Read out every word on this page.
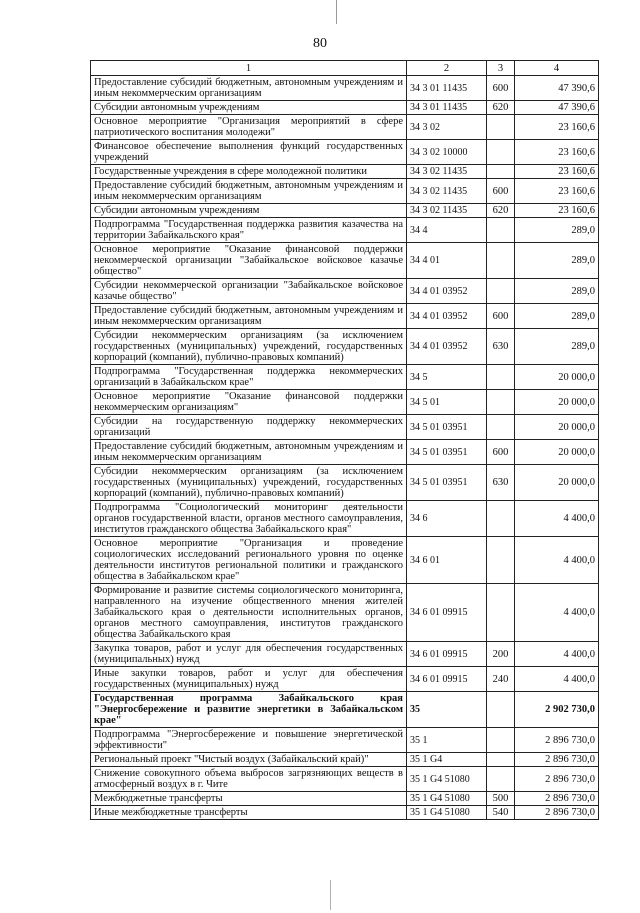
80
1	2	3	4
Предоставление субсидий бюджетным, автономным учреждениям и иным некоммерческим организациям	34 3 01 11435	600	47 390,6
Субсидии автономным учреждениям	34 3 01 11435	620	47 390,6
Основное мероприятие "Организация мероприятий в сфере патриотического воспитания молодежи"	34 3 02		23 160,6
Финансовое обеспечение выполнения функций государственных учреждений	34 3 02 10000		23 160,6
Государственные учреждения в сфере молодежной политики	34 3 02 11435		23 160,6
Предоставление субсидий бюджетным, автономным учреждениям и иным некоммерческим организациям	34 3 02 11435	600	23 160,6
Субсидии автономным учреждениям	34 3 02 11435	620	23 160,6
Подпрограмма "Государственная поддержка развития казачества на территории Забайкальского края"	34 4		289,0
Основное мероприятие "Оказание финансовой поддержки некоммерческой организации "Забайкальское войсковое казачье общество"	34 4 01		289,0
Субсидии некоммерческой организации "Забайкальское войсковое казачье общество"	34 4 01 03952		289,0
Предоставление субсидий бюджетным, автономным учреждениям и иным некоммерческим организациям	34 4 01 03952	600	289,0
Субсидии некоммерческим организациям (за исключением государственных (муниципальных) учреждений, государственных корпораций (компаний), публично-правовых компаний)	34 4 01 03952	630	289,0
Подпрограмма "Государственная поддержка некоммерческих организаций в Забайкальском крае"	34 5		20 000,0
Основное мероприятие "Оказание финансовой поддержки некоммерческим организациям"	34 5 01		20 000,0
Субсидии на государственную поддержку некоммерческих организаций	34 5 01 03951		20 000,0
Предоставление субсидий бюджетным, автономным учреждениям и иным некоммерческим организациям	34 5 01 03951	600	20 000,0
Субсидии некоммерческим организациям (за исключением государственных (муниципальных) учреждений, государственных корпораций (компаний), публично-правовых компаний)	34 5 01 03951	630	20 000,0
Подпрограмма "Социологический мониторинг деятельности органов государственной власти, органов местного самоуправления, институтов гражданского общества Забайкальского края"	34 6		4 400,0
Основное мероприятие "Организация и проведение социологических исследований регионального уровня по оценке деятельности институтов региональной политики и гражданского общества в Забайкальском крае"	34 6 01		4 400,0
Формирование и развитие системы социологического мониторинга, направленного на изучение общественного мнения жителей Забайкальского края о деятельности исполнительных органов, органов местного самоуправления, институтов гражданского общества Забайкальского края	34 6 01 09915		4 400,0
Закупка товаров, работ и услуг для обеспечения государственных (муниципальных) нужд	34 6 01 09915	200	4 400,0
Иные закупки товаров, работ и услуг для обеспечения государственных (муниципальных) нужд	34 6 01 09915	240	4 400,0
Государственная программа Забайкальского края "Энергосбережение и развитие энергетики в Забайкальском крае"	35		2 902 730,0
Подпрограмма "Энергосбережение и повышение энергетической эффективности"	35 1		2 896 730,0
Региональный проект "Чистый воздух (Забайкальский край)"	35 1 G4		2 896 730,0
Снижение совокупного объема выбросов загрязняющих веществ в атмосферный воздух в г. Чите	35 1 G4 51080		2 896 730,0
Межбюджетные трансферты	35 1 G4 51080	500	2 896 730,0
Иные межбюджетные трансферты	35 1 G4 51080	540	2 896 730,0
